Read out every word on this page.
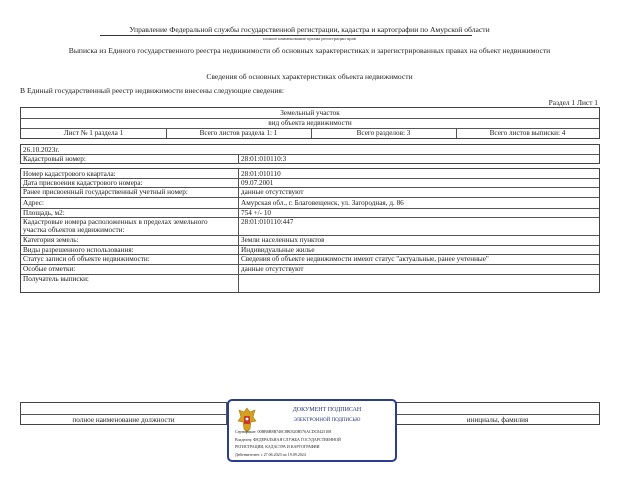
Управление Федеральной службы государственной регистрации, кадастра и картографии по Амурской области
полное наименование органа регистрации прав
Выписка из Единого государственного реестра недвижимости об основных характеристиках и зарегистрированных правах на объект недвижимости
Сведения об основных характеристиках объекта недвижимости
В Единый государственный реестр недвижимости внесены следующие сведения:
Раздел 1 Лист 1
Земельный участок
вид объекта недвижимости
Лист № 1 раздела 1	Всего листов раздела 1: 1	Всего разделов: 3	Всего листов выписки: 4
26.10.2023г.
Кадастровый номер:	28:01:010110:3
Номер кадастрового квартала:	28:01:010110
Дата присвоения кадастрового номера:	09.07.2001
Ранее присвоенный государственный учетный номер:	данные отсутствуют
Адрес:	Амурская обл., г. Благовещенск, ул. Загородная, д. 86
Площадь, м2:	754 +/- 10
Кадастровые номера расположенных в пределах земельного
участка объектов недвижимости:
28:01:010110:447
Категория земель:	Земли населенных пунктов
Виды разрешенного использования:	Индивидуальные жилье
Статус записи об объекте недвижимости:	Сведения об объекте недвижимости имеют статус "актуальные, ранее учтенные"
Особые отметки:	данные отсутствуют
Получатель выписки:
полное наименование должности	инициалы, фамилия
ДОКУМЕНТ ПОДПИСАН
ЭЛЕКТРОННОЙ ПОДПИСЬЮ
Сертификат: 00BB6B8B740C8B0320B576ACDC8425108
Владелец: ФЕДЕРАЛЬНАЯ СЛУЖБА ГОСУДАРСТВЕННОЙ
РЕГИСТРАЦИИ, КАДАСТРА И КАРТОГРАФИИ
Действителен: с 27.06.2023 по 19.09.2024
